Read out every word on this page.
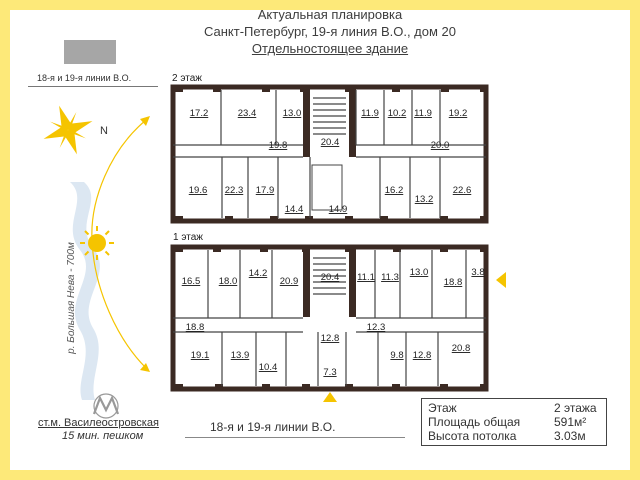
Актуальная планировка
Санкт-Петербург, 19-я линия В.О., дом 20
Отдельностоящее здание
18-я и 19-я линии В.О.
N
р. Большая Нева - 700м
ст.м. Василеостровская
15 мин. пешком
18-я и 19-я линии В.О.
17.2	23.4	13.0
19.8	20.4
11.9 10.2 11.9 19.2
20.0
19.6 22.3 17.9
14.4	14.9
16.2
13.2
22.6
16.5 18.0
14.2
20.9 20.4 11.1 11.3 13.0
18.8
3.8
18.8	12.3
19.1 13.9
10.4
12.8
7.3
9.8 12.8
20.8
2 этаж
1 этаж
Этаж	2 этажа
Площадь общая	591м²
Высота потолка	3.03м
